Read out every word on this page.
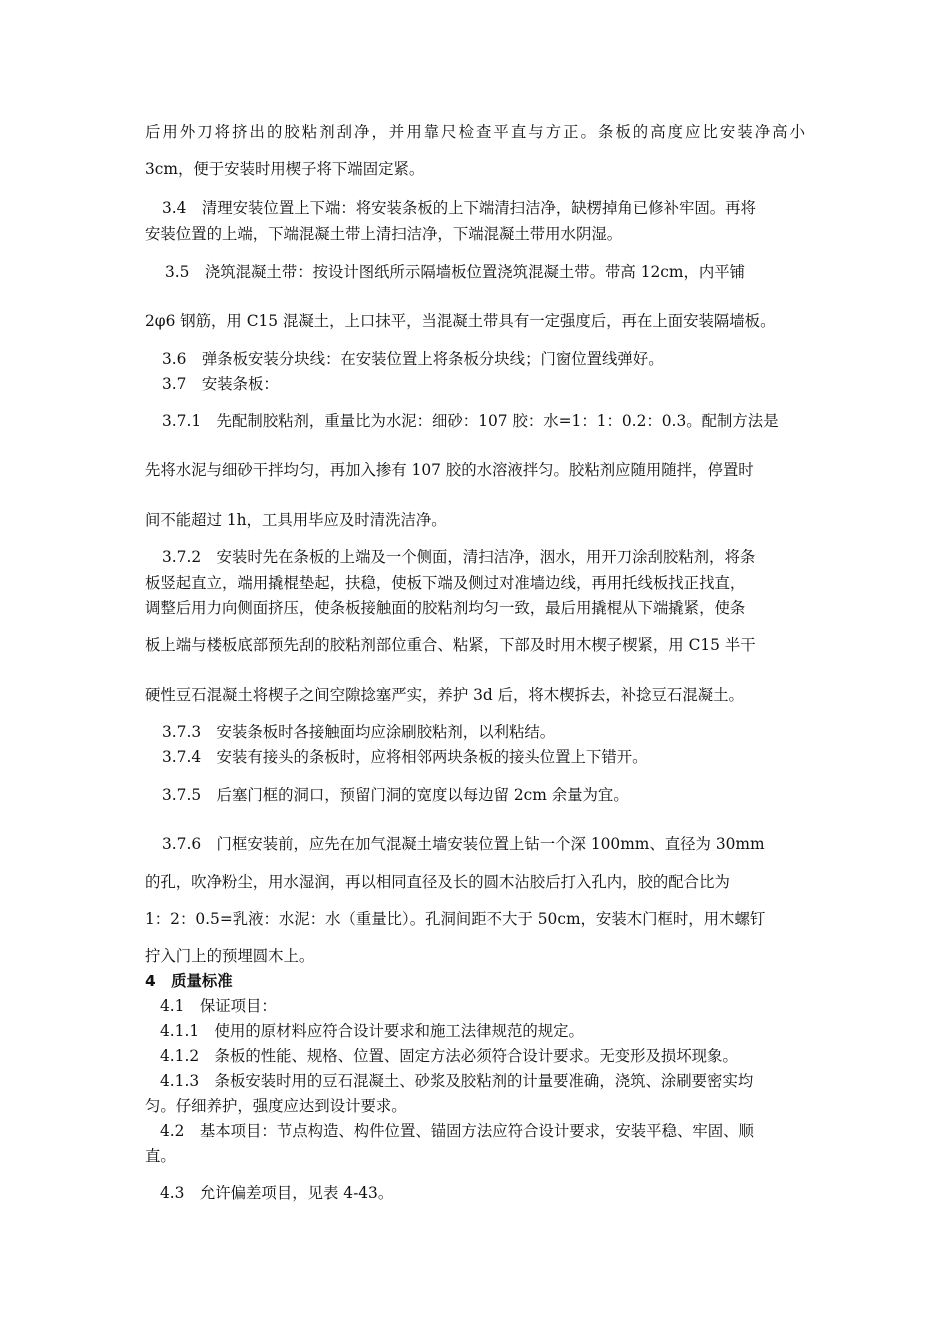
后用外刀将挤出的胶粘剂刮净，并用靠尺检查平直与方正。条板的高度应比安装净高小
3cm，便于安装时用楔子将下端固定紧。
3.4　清理安装位置上下端：将安装条板的上下端清扫洁净，缺楞掉角已修补牢固。再将
安装位置的上端，下端混凝土带上清扫洁净，下端混凝土带用水阴湿。
3.5　浇筑混凝土带：按设计图纸所示隔墙板位置浇筑混凝土带。带高 12cm，内平铺
2φ6 钢筋，用 C15 混凝土，上口抹平，当混凝土带具有一定强度后，再在上面安装隔墙板。
3.6　弹条板安装分块线：在安装位置上将条板分块线；门窗位置线弹好。
3.7　安装条板：
3.7.1　先配制胶粘剂，重量比为水泥：细砂：107 胶：水=1：1：0.2：0.3。配制方法是
先将水泥与细砂干拌均匀，再加入掺有 107 胶的水溶液拌匀。胶粘剂应随用随拌，停置时
间不能超过 1h，工具用毕应及时清洗洁净。
3.7.2　安装时先在条板的上端及一个侧面，清扫洁净，洇水，用开刀涂刮胶粘剂，将条
板竖起直立，端用撬棍垫起，扶稳，使板下端及侧过对准墙边线，再用托线板找正找直，
调整后用力向侧面挤压，使条板接触面的胶粘剂均匀一致，最后用撬棍从下端撬紧，使条
板上端与楼板底部预先刮的胶粘剂部位重合、粘紧，下部及时用木楔子楔紧，用 C15 半干
硬性豆石混凝土将楔子之间空隙捻塞严实，养护 3d 后，将木楔拆去，补捻豆石混凝土。
3.7.3　安装条板时各接触面均应涂刷胶粘剂，以利粘结。
3.7.4　安装有接头的条板时，应将相邻两块条板的接头位置上下错开。
3.7.5　后塞门框的洞口，预留门洞的宽度以每边留 2cm 余量为宜。
3.7.6　门框安装前，应先在加气混凝土墙安装位置上钻一个深 100mm、直径为 30mm
的孔，吹净粉尘，用水湿润，再以相同直径及长的圆木沾胶后打入孔内，胶的配合比为
1：2：0.5=乳液：水泥：水（重量比）。孔洞间距不大于 50cm，安装木门框时，用木螺钉
拧入门上的预埋圆木上。
4　质量标准
4.1　保证项目：
4.1.1　使用的原材料应符合设计要求和施工法律规范的规定。
4.1.2　条板的性能、规格、位置、固定方法必须符合设计要求。无变形及损坏现象。
4.1.3　条板安装时用的豆石混凝土、砂浆及胶粘剂的计量要准确，浇筑、涂刷要密实均
匀。仔细养护，强度应达到设计要求。
4.2　基本项目：节点构造、构件位置、锚固方法应符合设计要求，安装平稳、牢固、顺
直。
4.3　允许偏差项目，见表 4-43。
